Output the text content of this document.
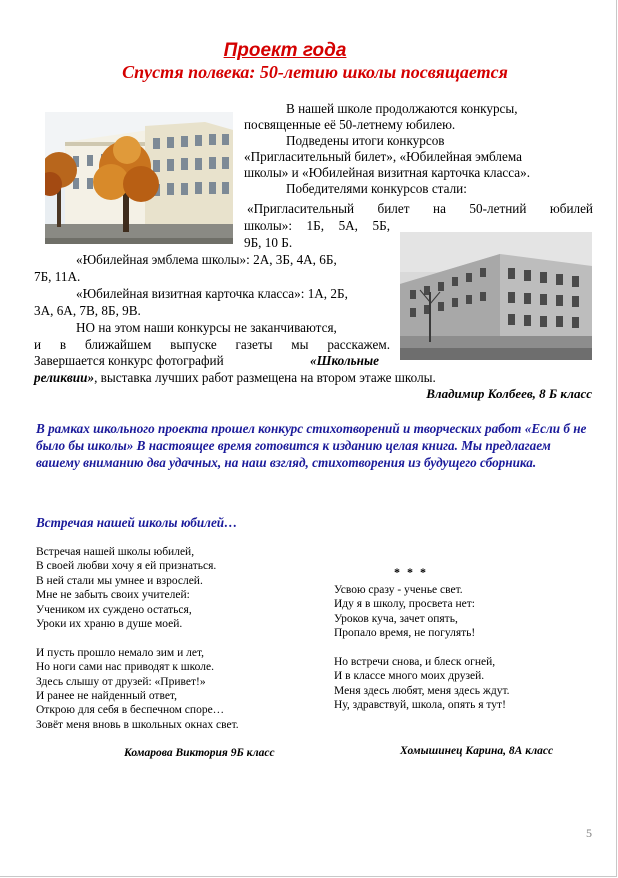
Проект года
Спустя полвека: 50-летию школы посвящается
В нашей школе продолжаются конкурсы,
посвященные её 50-летнему юбилею.
Подведены итоги конкурсов
«Пригласительный билет», «Юбилейная эмблема
школы» и «Юбилейная визитная карточка класса».
Победителями конкурсов стали:
«Пригласительный билет на 50-летний юбилей
школы»: 1Б, 5А, 5Б,
9Б, 10 Б.
«Юбилейная эмблема школы»: 2А, 3Б, 4А, 6Б,
7Б, 11А.
«Юбилейная визитная карточка класса»: 1А, 2Б,
3А, 6А, 7В, 8Б, 9В.
НО на этом наши конкурсы не заканчиваются,
и в ближайшем выпуске газеты мы расскажем.
Завершается конкурс фотографий	«Школьные
реликвии», выставка лучших работ размещена на втором этаже школы.
Владимир Колбеев, 8 Б класс
В рамках школьного проекта прошел конкурс стихотворений и творческих работ «Если б не было бы школы» В настоящее время готовится к изданию целая книга. Мы предлагаем вашему вниманию два удачных, на наш взгляд, стихотворения из будущего сборника.
Встречая нашей школы юбилей…
Встречая нашей школы юбилей,
В своей любви хочу я ей признаться.
В ней стали мы умнее и взрослей.
Мне не забыть своих учителей:
Учеником их суждено остаться,
Уроки их храню в душе моей.
И пусть прошло немало зим и лет,
Но ноги сами нас приводят к школе.
Здесь слышу от друзей: «Привет!»
И ранее не найденный ответ,
Открою для себя в беспечном споре…
Зовёт меня вновь в школьных окнах свет.
* * *
Усвою сразу - ученье свет.
Иду я в школу, просвета нет:
Уроков куча, зачет опять,
Пропало время, не погулять!
Но встречи снова, и блеск огней,
И в классе много моих друзей.
Меня здесь любят, меня здесь ждут.
Ну, здравствуй, школа, опять я тут!
Комарова Виктория 9Б класс	Хомышинец Карина, 8А класс
5
